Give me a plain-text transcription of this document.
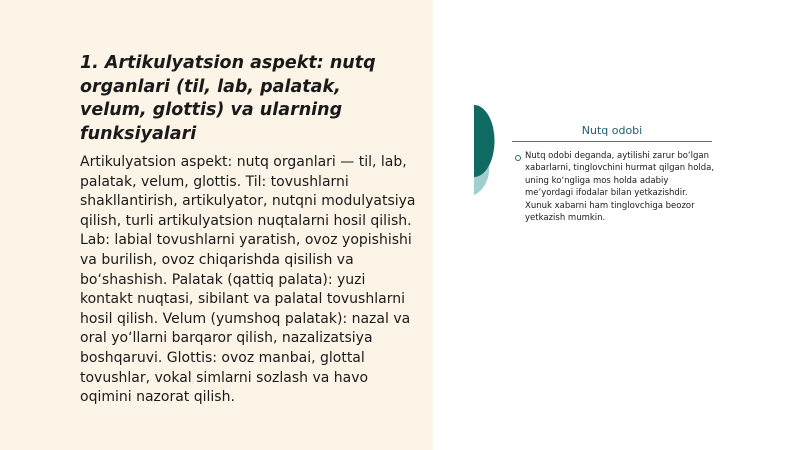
1. Artikulyatsion aspekt: nutq organlari (til, lab, palatak, velum, glottis) va ularning funksiyalari

Artikulyatsion aspekt: nutq organlari — til, lab, palatak, velum, glottis. Til: tovushlarni shakllantirish, artikulyator, nutqni modulyatsiya qilish, turli artikulyatsion nuqtalarni hosil qilish. Lab: labial tovushlarni yaratish, ovoz yopishishi va burilish, ovoz chiqarishda qisilish va bo‘shashish. Palatak (qattiq palata): yuzi kontakt nuqtasi, sibilant va palatal tovushlarni hosil qilish. Velum (yumshoq palatak): nazal va oral yo‘llarni barqaror qilish, nazalizatsiya boshqaruvi. Glottis: ovoz manbai, glottal tovushlar, vokal simlarni sozlash va havo oqimini nazorat qilish.

Nutq odobi

Nutq odobi deganda, aytilishi zarur bo‘lgan xabarlarni, tinglovchini hurmat qilgan holda, uning ko‘ngliga mos holda adabiy me’yordagi ifodalar bilan yetkazishdir. Xunuk xabarni ham tinglovchiga beozor yetkazish mumkin.
